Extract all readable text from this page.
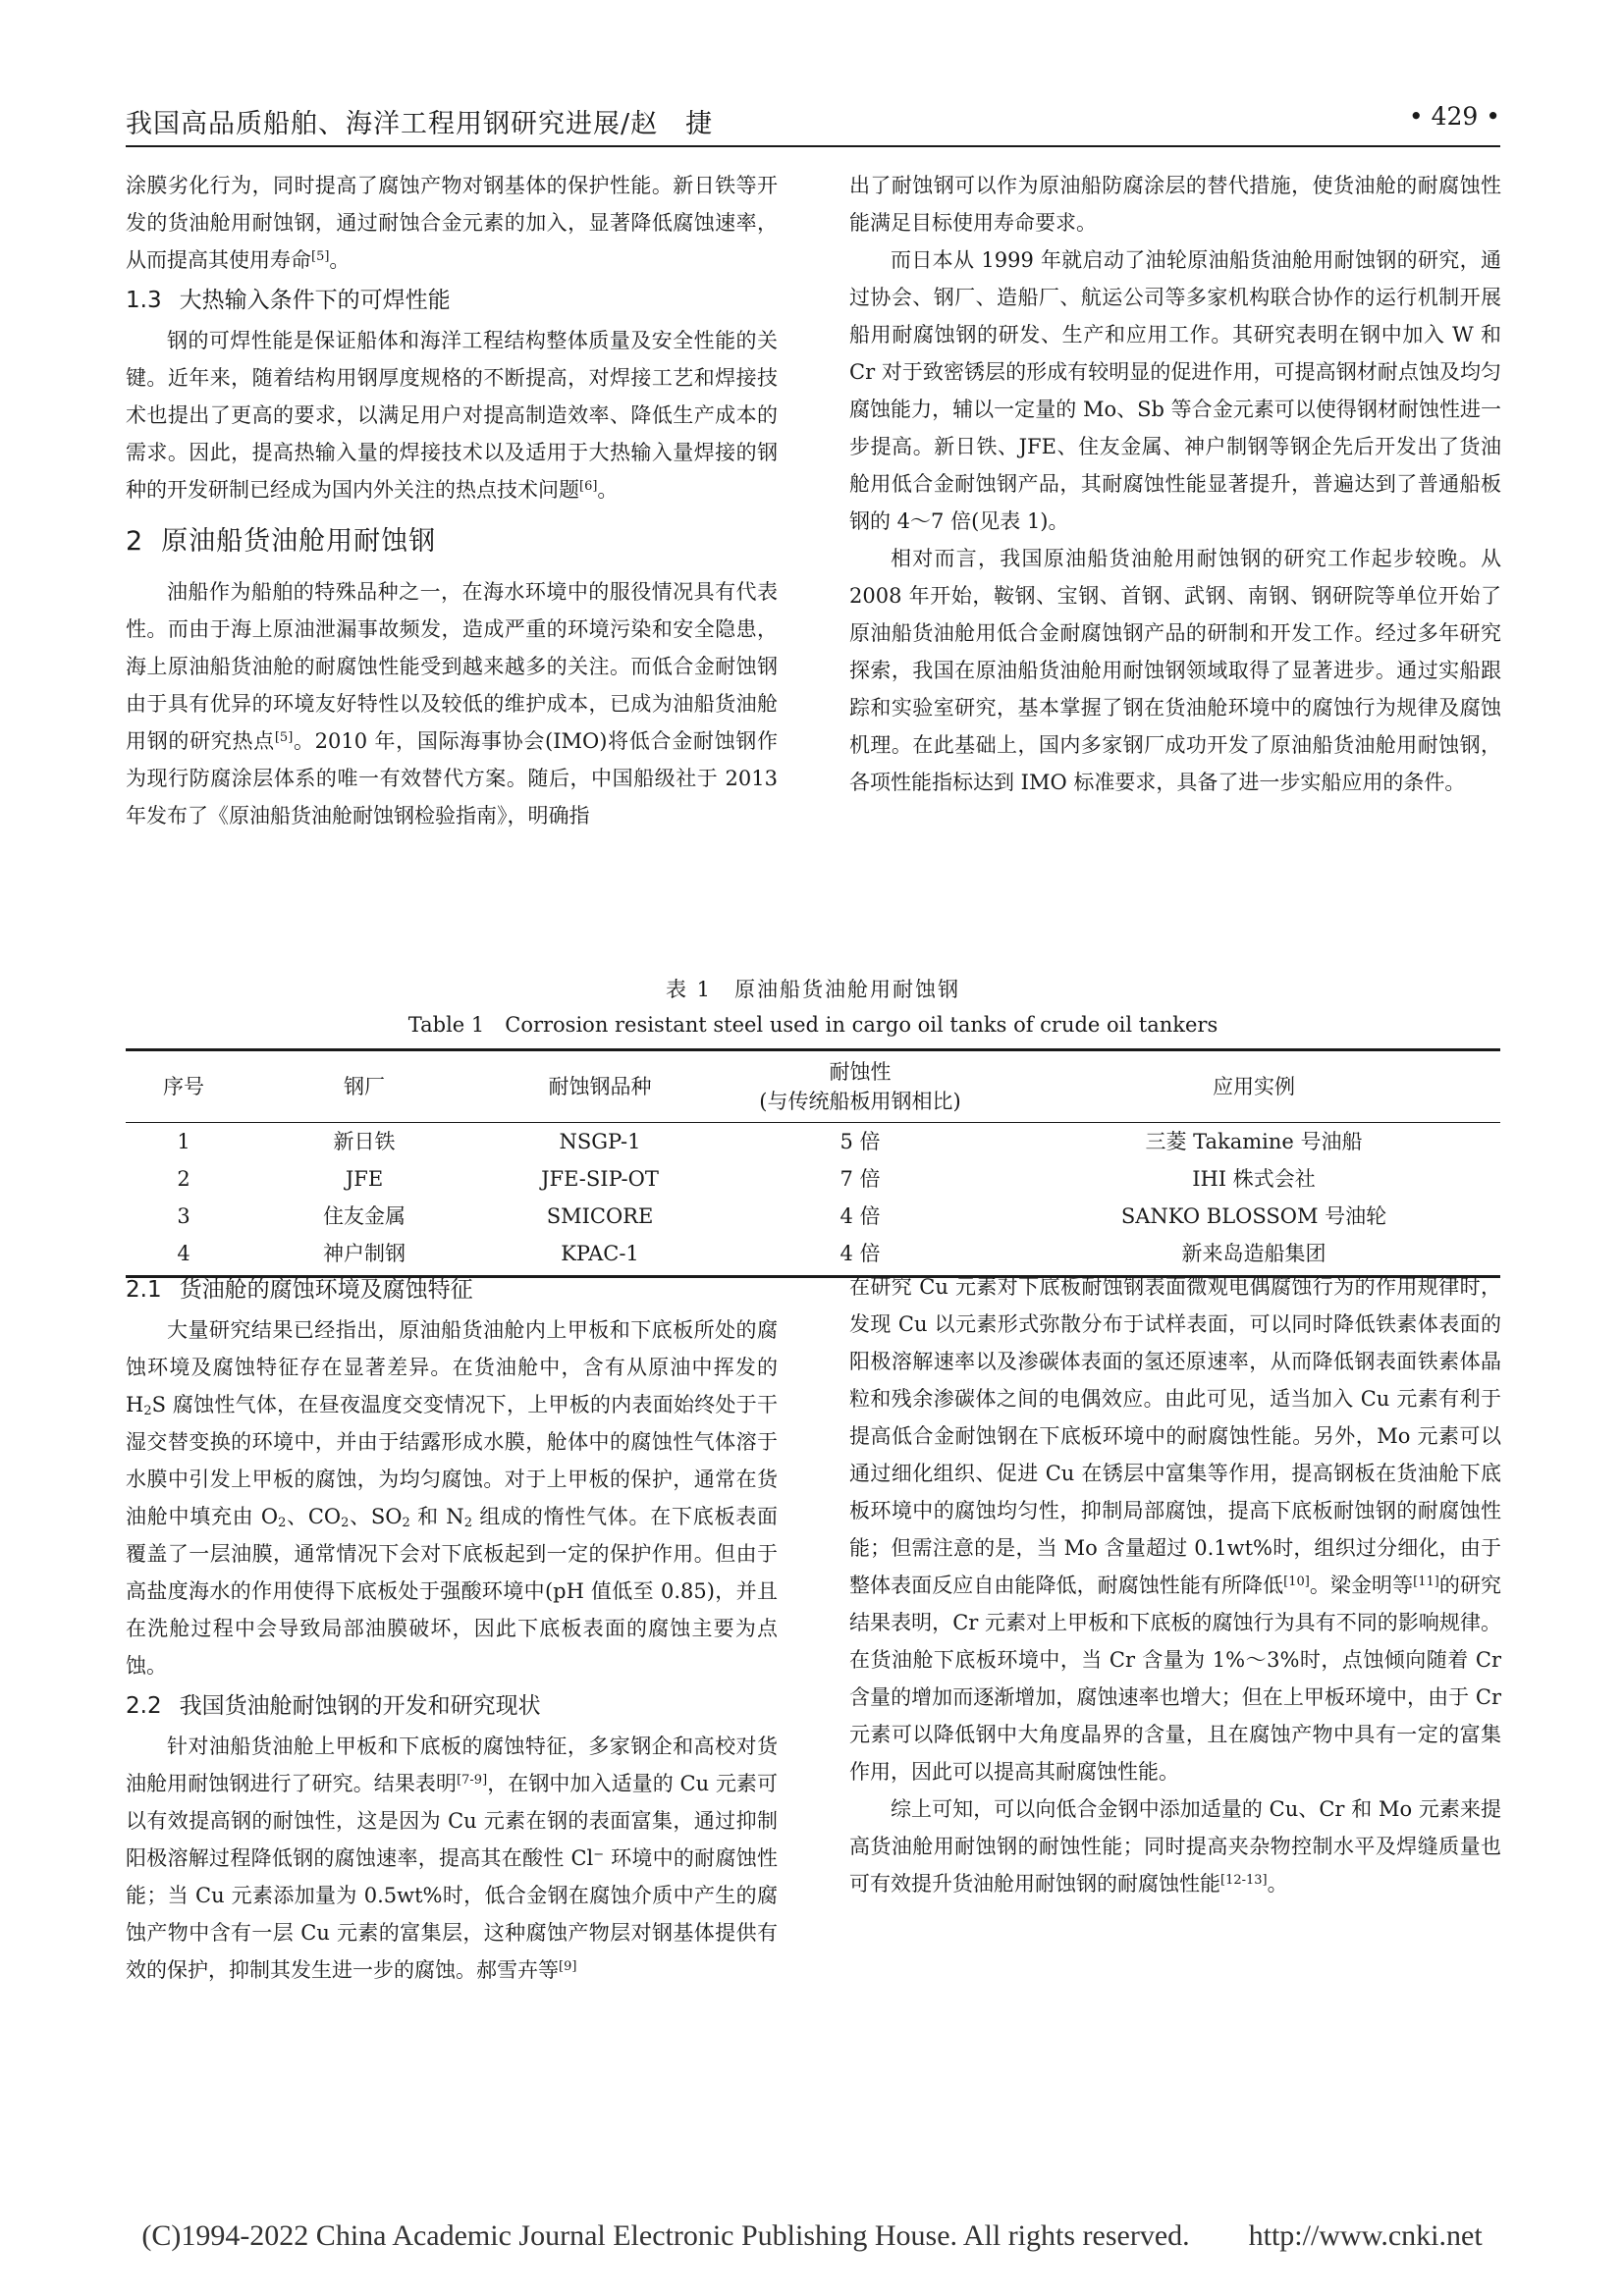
我国高品质船舶、海洋工程用钢研究进展/赵　捷	• 429 •

涂膜劣化行为，同时提高了腐蚀产物对钢基体的保护性能。新日铁等开发的货油舱用耐蚀钢，通过耐蚀合金元素的加入，显著降低腐蚀速率，从而提高其使用寿命[5]。

1.3 大热输入条件下的可焊性能

钢的可焊性能是保证船体和海洋工程结构整体质量及安全性能的关键。近年来，随着结构用钢厚度规格的不断提高，对焊接工艺和焊接技术也提出了更高的要求，以满足用户对提高制造效率、降低生产成本的需求。因此，提高热输入量的焊接技术以及适用于大热输入量焊接的钢种的开发研制已经成为国内外关注的热点技术问题[6]。

2 原油船货油舱用耐蚀钢

油船作为船舶的特殊品种之一，在海水环境中的服役情况具有代表性。而由于海上原油泄漏事故频发，造成严重的环境污染和安全隐患，海上原油船货油舱的耐腐蚀性能受到越来越多的关注。而低合金耐蚀钢由于具有优异的环境友好特性以及较低的维护成本，已成为油船货油舱用钢的研究热点[5]。2010 年，国际海事协会(IMO)将低合金耐蚀钢作为现行防腐涂层体系的唯一有效替代方案。随后，中国船级社于 2013 年发布了《原油船货油舱耐蚀钢检验指南》，明确指

出了耐蚀钢可以作为原油船防腐涂层的替代措施，使货油舱的耐腐蚀性能满足目标使用寿命要求。

而日本从 1999 年就启动了油轮原油船货油舱用耐蚀钢的研究，通过协会、钢厂、造船厂、航运公司等多家机构联合协作的运行机制开展船用耐腐蚀钢的研发、生产和应用工作。其研究表明在钢中加入 W 和 Cr 对于致密锈层的形成有较明显的促进作用，可提高钢材耐点蚀及均匀腐蚀能力，辅以一定量的 Mo、Sb 等合金元素可以使得钢材耐蚀性进一步提高。新日铁、JFE、住友金属、神户制钢等钢企先后开发出了货油舱用低合金耐蚀钢产品，其耐腐蚀性能显著提升，普遍达到了普通船板钢的 4～7 倍(见表 1)。

相对而言，我国原油船货油舱用耐蚀钢的研究工作起步较晚。从 2008 年开始，鞍钢、宝钢、首钢、武钢、南钢、钢研院等单位开始了原油船货油舱用低合金耐腐蚀钢产品的研制和开发工作。经过多年研究探索，我国在原油船货油舱用耐蚀钢领域取得了显著进步。通过实船跟踪和实验室研究，基本掌握了钢在货油舱环境中的腐蚀行为规律及腐蚀机理。在此基础上，国内多家钢厂成功开发了原油船货油舱用耐蚀钢，各项性能指标达到 IMO 标准要求，具备了进一步实船应用的条件。

表 1　原油船货油舱用耐蚀钢
Table 1　Corrosion resistant steel used in cargo oil tanks of crude oil tankers
序号	钢厂	耐蚀钢品种	耐蚀性
(与传统船板用钢相比)	应用实例
1	新日铁	NSGP-1	5 倍	三菱 Takamine 号油船
2	JFE	JFE-SIP-OT	7 倍	IHI 株式会社
3	住友金属	SMICORE	4 倍	SANKO BLOSSOM 号油轮
4	神户制钢	KPAC-1	4 倍	新来岛造船集团
2.1 货油舱的腐蚀环境及腐蚀特征

大量研究结果已经指出，原油船货油舱内上甲板和下底板所处的腐蚀环境及腐蚀特征存在显著差异。在货油舱中，含有从原油中挥发的 $H_2S$ 腐蚀性气体，在昼夜温度交变情况下，上甲板的内表面始终处于干湿交替变换的环境中，并由于结露形成水膜，舱体中的腐蚀性气体溶于水膜中引发上甲板的腐蚀，为均匀腐蚀。对于上甲板的保护，通常在货油舱中填充由 $O_2$、$CO_2$、$SO_2$ 和 $N_2$ 组成的惰性气体。在下底板表面覆盖了一层油膜，通常情况下会对下底板起到一定的保护作用。但由于高盐度海水的作用使得下底板处于强酸环境中(pH 值低至 0.85)，并且在洗舱过程中会导致局部油膜破坏，因此下底板表面的腐蚀主要为点蚀。

2.2 我国货油舱耐蚀钢的开发和研究现状

针对油船货油舱上甲板和下底板的腐蚀特征，多家钢企和高校对货油舱用耐蚀钢进行了研究。结果表明[7-9]，在钢中加入适量的 Cu 元素可以有效提高钢的耐蚀性，这是因为 Cu 元素在钢的表面富集，通过抑制阳极溶解过程降低钢的腐蚀速率，提高其在酸性 Cl− 环境中的耐腐蚀性能；当 Cu 元素添加量为 0.5wt%时，低合金钢在腐蚀介质中产生的腐蚀产物中含有一层 Cu 元素的富集层，这种腐蚀产物层对钢基体提供有效的保护，抑制其发生进一步的腐蚀。郝雪卉等[9]

在研究 Cu 元素对下底板耐蚀钢表面微观电偶腐蚀行为的作用规律时，发现 Cu 以元素形式弥散分布于试样表面，可以同时降低铁素体表面的阳极溶解速率以及渗碳体表面的氢还原速率，从而降低钢表面铁素体晶粒和残余渗碳体之间的电偶效应。由此可见，适当加入 Cu 元素有利于提高低合金耐蚀钢在下底板环境中的耐腐蚀性能。另外，Mo 元素可以通过细化组织、促进 Cu 在锈层中富集等作用，提高钢板在货油舱下底板环境中的腐蚀均匀性，抑制局部腐蚀，提高下底板耐蚀钢的耐腐蚀性能；但需注意的是，当 Mo 含量超过 0.1wt%时，组织过分细化，由于整体表面反应自由能降低，耐腐蚀性能有所降低[10]。梁金明等[11]的研究结果表明，Cr 元素对上甲板和下底板的腐蚀行为具有不同的影响规律。在货油舱下底板环境中，当 Cr 含量为 1%～3%时，点蚀倾向随着 Cr 含量的增加而逐渐增加，腐蚀速率也增大；但在上甲板环境中，由于 Cr 元素可以降低钢中大角度晶界的含量，且在腐蚀产物中具有一定的富集作用，因此可以提高其耐腐蚀性能。

综上可知，可以向低合金钢中添加适量的 Cu、Cr 和 Mo 元素来提高货油舱用耐蚀钢的耐蚀性能；同时提高夹杂物控制水平及焊缝质量也可有效提升货油舱用耐蚀钢的耐腐蚀性能[12-13]。

(C)1994-2022 China Academic Journal Electronic Publishing House. All rights reserved.　　http://www.cnki.net
